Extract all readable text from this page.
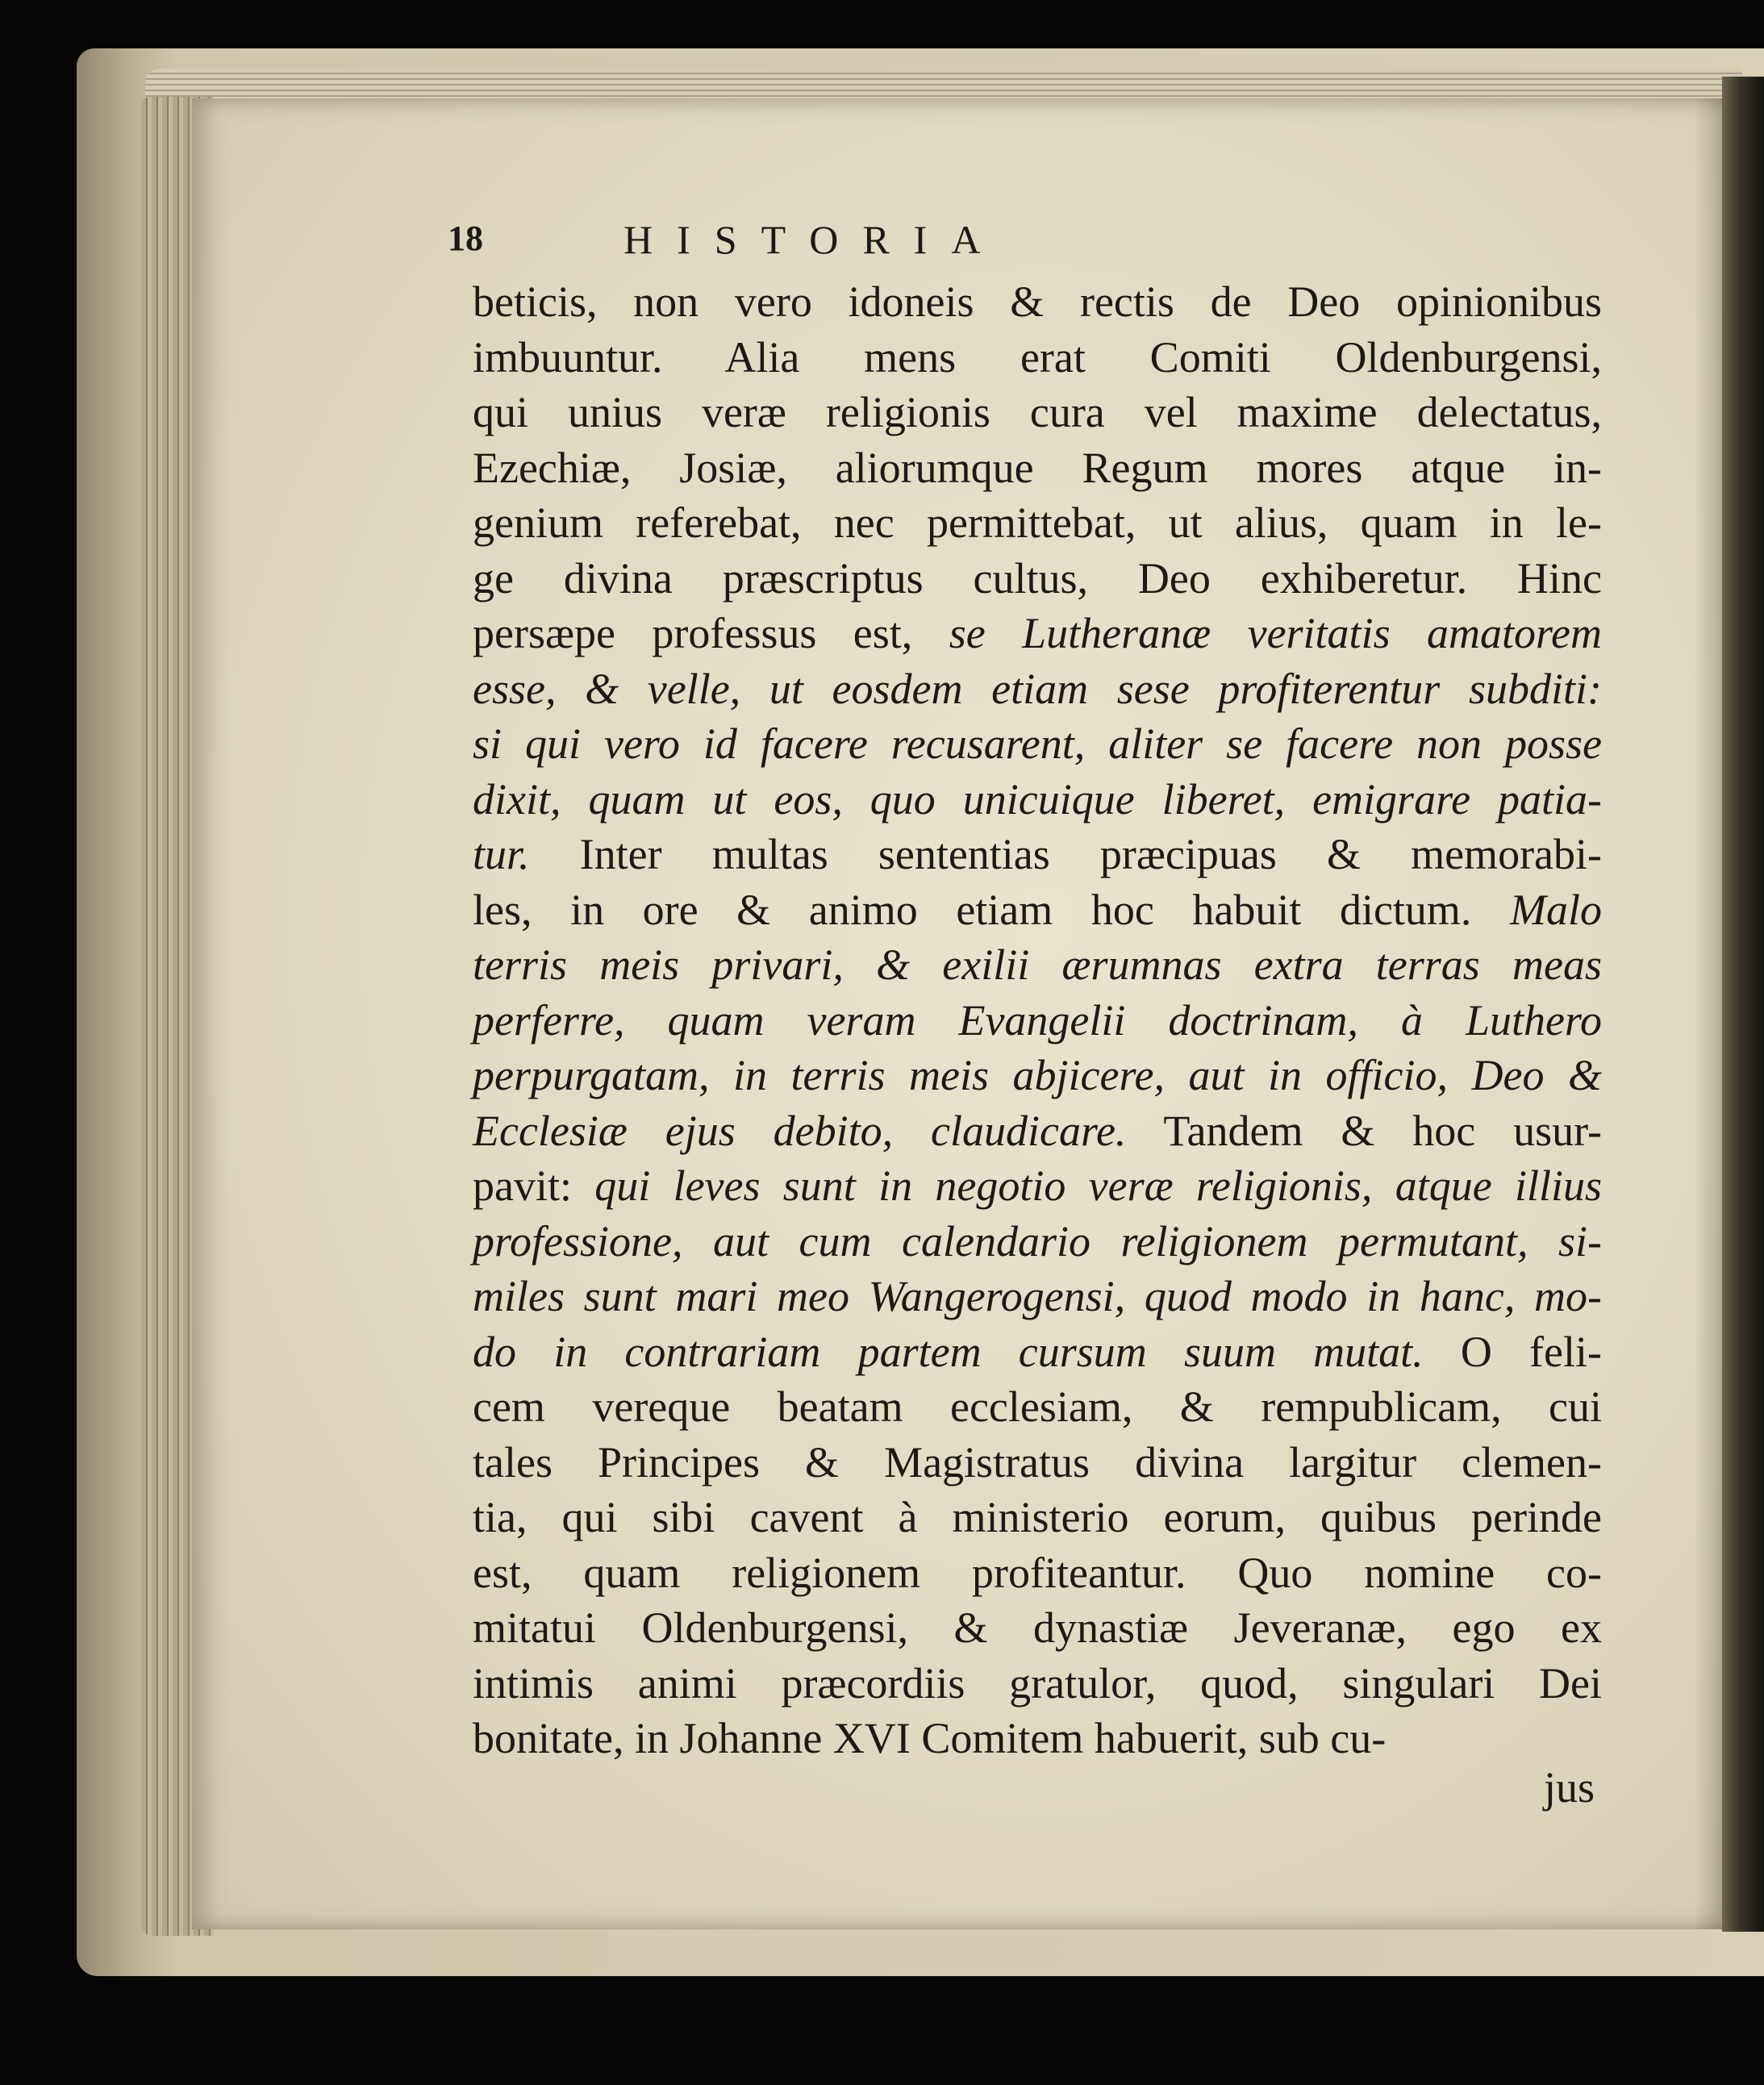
18	HISTORIA
beticis, non vero idoneis & rectis de Deo opinionibus
imbuuntur. Alia mens erat Comiti Oldenburgensi,
qui unius veræ religionis cura vel maxime delectatus,
Ezechiæ, Josiæ, aliorumque Regum mores atque in-
genium referebat, nec permittebat, ut alius, quam in le-
ge divina præscriptus cultus, Deo exhiberetur. Hinc
persæpe professus est, se Lutheranæ veritatis amatorem
esse, & velle, ut eosdem etiam sese profiterentur subditi:
si qui vero id facere recusarent, aliter se facere non posse
dixit, quam ut eos, quo unicuique liberet, emigrare patia-
tur. Inter multas sententias præcipuas & memorabi-
les, in ore & animo etiam hoc habuit dictum. Malo
terris meis privari, & exilii ærumnas extra terras meas
perferre, quam veram Evangelii doctrinam, à Luthero
perpurgatam, in terris meis abjicere, aut in officio, Deo &
Ecclesiæ ejus debito, claudicare. Tandem & hoc usur-
pavit: qui leves sunt in negotio veræ religionis, atque illius
professione, aut cum calendario religionem permutant, si-
miles sunt mari meo Wangerogensi, quod modo in hanc, mo-
do in contrariam partem cursum suum mutat. O feli-
cem vereque beatam ecclesiam, & rempublicam, cui
tales Principes & Magistratus divina largitur clemen-
tia, qui sibi cavent à ministerio eorum, quibus perinde
est, quam religionem profiteantur. Quo nomine co-
mitatui Oldenburgensi, & dynastiæ Jeveranæ, ego ex
intimis animi præcordiis gratulor, quod, singulari Dei
bonitate, in Johanne XVI Comitem habuerit, sub cu-
jus
